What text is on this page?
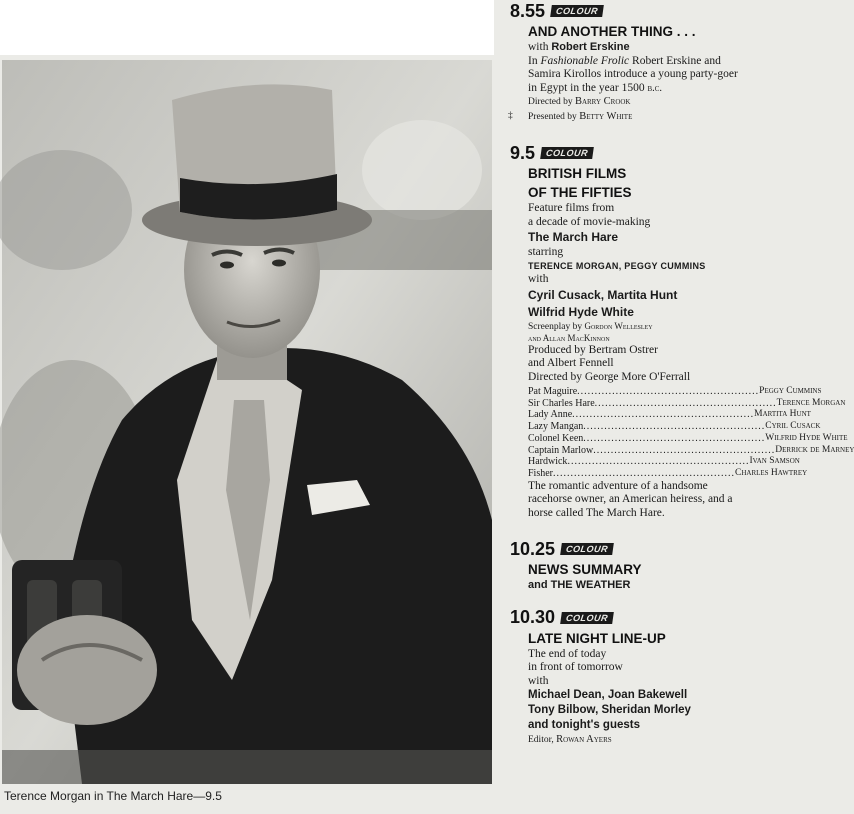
Terence Morgan in The March Hare—9.5
8.55	COLOUR
AND ANOTHER THING . . .

with Robert Erskine

In Fashionable Frolic Robert Erskine and Samira Kirollos introduce a young party-goer in Egypt in the year 1500 b.c.

Directed by Barry Crook

‡ Presented by Betty White

9.5	COLOUR
BRITISH FILMS
OF THE FIFTIES

Feature films from

a decade of movie-making

The March Hare

starring

TERENCE MORGAN, PEGGY CUMMINS

with

Cyril Cusack, Martita Hunt

Wilfrid Hyde White

Screenplay by Gordon Wellesley

and Allan MacKinnon

Produced by Bertram Ostrer

and Albert Fennell

Directed by George More O'Ferrall

Pat Maguire .................................................... Peggy Cummins
Sir Charles Hare .................................................... Terence Morgan
Lady Anne .................................................... Martita Hunt
Lazy Mangan .................................................... Cyril Cusack
Colonel Keen .................................................... Wilfrid Hyde White
Captain Marlow .................................................... Derrick de Marney
Hardwick .................................................... Ivan Samson
Fisher .................................................... Charles Hawtrey

The romantic adventure of a handsome racehorse owner, an American heiress, and a horse called The March Hare.

10.25	COLOUR
NEWS SUMMARY

and THE WEATHER

10.30	COLOUR
LATE NIGHT LINE-UP

The end of today

in front of tomorrow

with

Michael Dean, Joan Bakewell

Tony Bilbow, Sheridan Morley

and tonight's guests

Editor, Rowan Ayers
